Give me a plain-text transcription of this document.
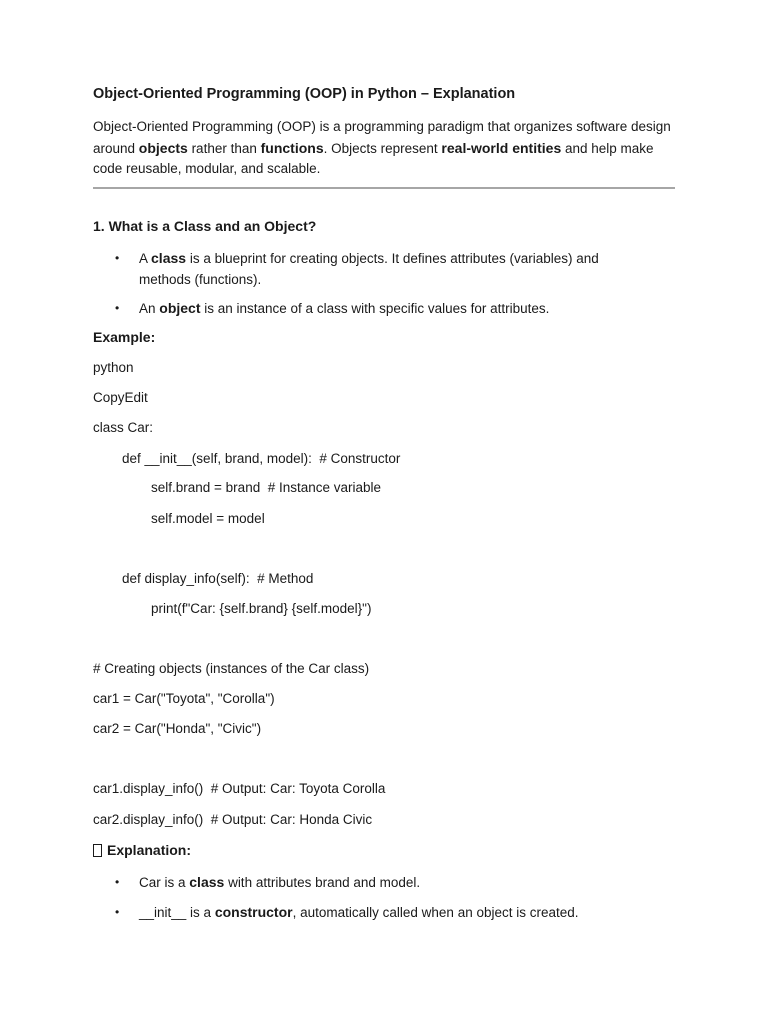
Object-Oriented Programming (OOP) in Python – Explanation
Object-Oriented Programming (OOP) is a programming paradigm that organizes software design around objects rather than functions. Objects represent real-world entities and help make code reusable, modular, and scalable.
1. What is a Class and an Object?
• A class is a blueprint for creating objects. It defines attributes (variables) and methods (functions).
• An object is an instance of a class with specific values for attributes.
Example:
python
CopyEdit
class Car:
def __init__(self, brand, model):  # Constructor
self.brand = brand  # Instance variable
self.model = model
def display_info(self):  # Method
print(f"Car: {self.brand} {self.model}")
# Creating objects (instances of the Car class)
car1 = Car("Toyota", "Corolla")
car2 = Car("Honda", "Civic")
car1.display_info()  # Output: Car: Toyota Corolla
car2.display_info()  # Output: Car: Honda Civic
Explanation:
• Car is a class with attributes brand and model.
• __init__ is a constructor, automatically called when an object is created.
